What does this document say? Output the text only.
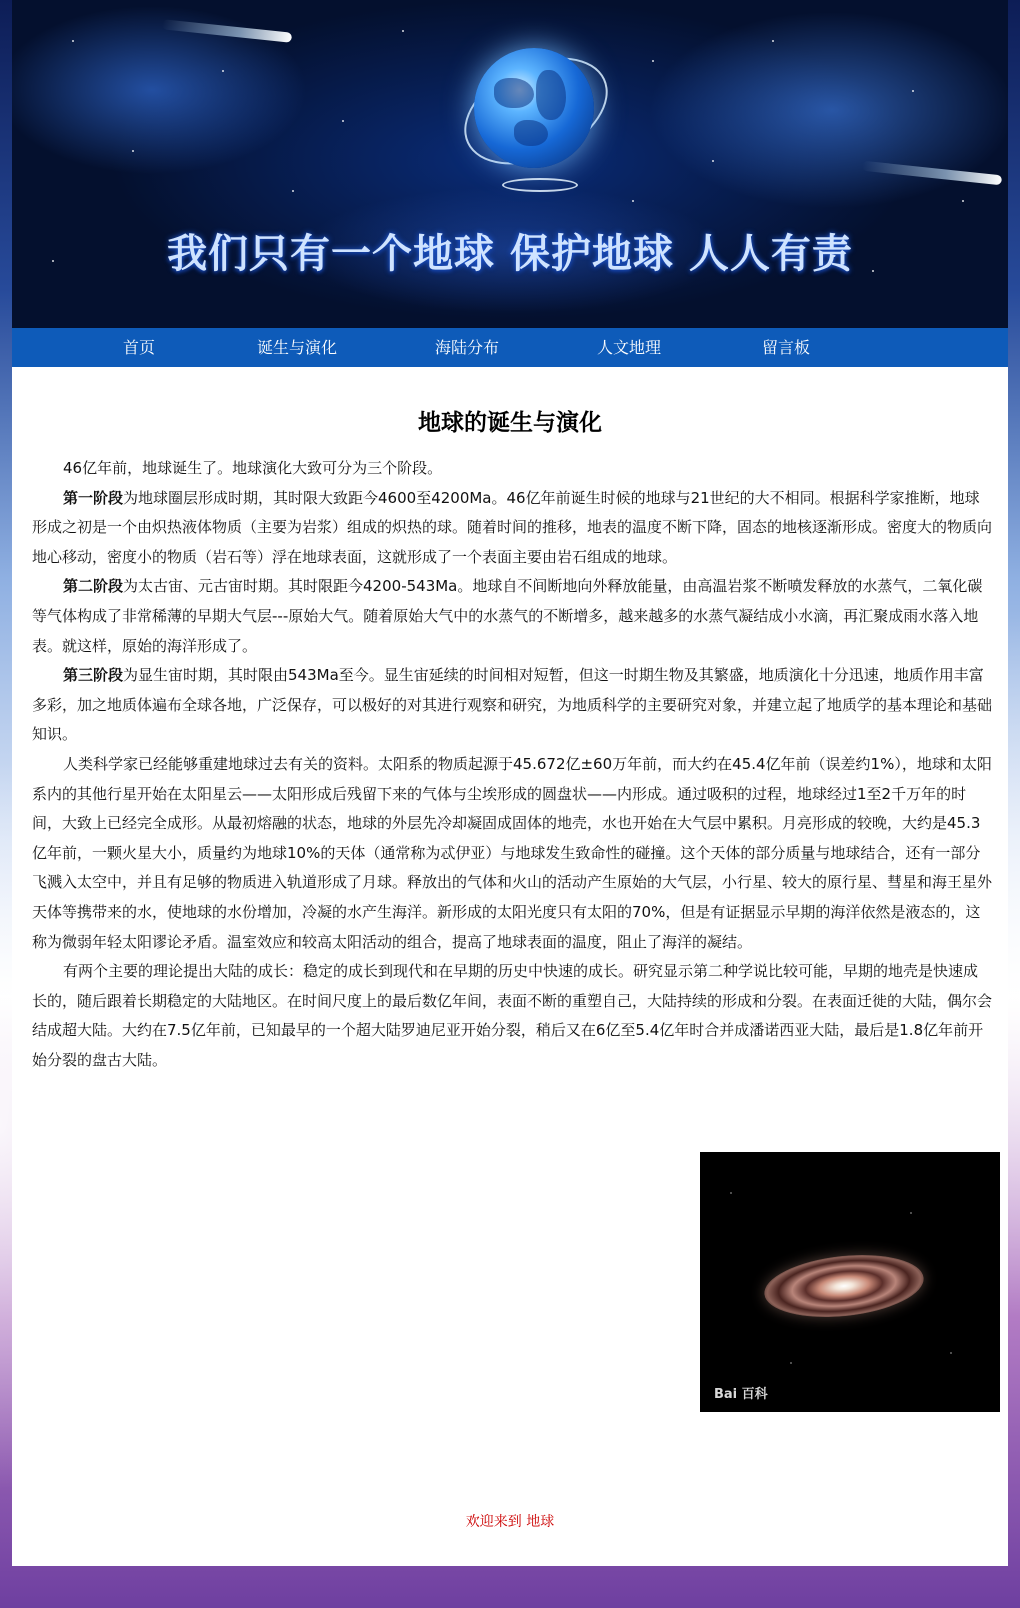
我们只有一个地球 保护地球 人人有责
首页	诞生与演化	海陆分布	人文地理	留言板
地球的诞生与演化

46亿年前，地球诞生了。地球演化大致可分为三个阶段。

第一阶段为地球圈层形成时期，其时限大致距今4600至4200Ma。46亿年前诞生时候的地球与21世纪的大不相同。根据科学家推断，地球形成之初是一个由炽热液体物质（主要为岩浆）组成的炽热的球。随着时间的推移，地表的温度不断下降，固态的地核逐渐形成。密度大的物质向地心移动，密度小的物质（岩石等）浮在地球表面，这就形成了一个表面主要由岩石组成的地球。

第二阶段为太古宙、元古宙时期。其时限距今4200-543Ma。地球自不间断地向外释放能量，由高温岩浆不断喷发释放的水蒸气，二氧化碳等气体构成了非常稀薄的早期大气层---原始大气。随着原始大气中的水蒸气的不断增多，越来越多的水蒸气凝结成小水滴，再汇聚成雨水落入地表。就这样，原始的海洋形成了。

第三阶段为显生宙时期，其时限由543Ma至今。显生宙延续的时间相对短暂，但这一时期生物及其繁盛，地质演化十分迅速，地质作用丰富多彩，加之地质体遍布全球各地，广泛保存，可以极好的对其进行观察和研究，为地质科学的主要研究对象，并建立起了地质学的基本理论和基础知识。

人类科学家已经能够重建地球过去有关的资料。太阳系的物质起源于45.672亿±60万年前，而大约在45.4亿年前（误差约1%），地球和太阳系内的其他行星开始在太阳星云——太阳形成后残留下来的气体与尘埃形成的圆盘状——内形成。通过吸积的过程，地球经过1至2千万年的时间，大致上已经完全成形。从最初熔融的状态，地球的外层先冷却凝固成固体的地壳，水也开始在大气层中累积。月亮形成的较晚，大约是45.3亿年前，一颗火星大小，质量约为地球10%的天体（通常称为忒伊亚）与地球发生致命性的碰撞。这个天体的部分质量与地球结合，还有一部分飞溅入太空中，并且有足够的物质进入轨道形成了月球。释放出的气体和火山的活动产生原始的大气层，小行星、较大的原行星、彗星和海王星外天体等携带来的水，使地球的水份增加，冷凝的水产生海洋。新形成的太阳光度只有太阳的70%，但是有证据显示早期的海洋依然是液态的，这称为微弱年轻太阳谬论矛盾。温室效应和较高太阳活动的组合，提高了地球表面的温度，阻止了海洋的凝结。

有两个主要的理论提出大陆的成长：稳定的成长到现代和在早期的历史中快速的成长。研究显示第二种学说比较可能，早期的地壳是快速成长的，随后跟着长期稳定的大陆地区。在时间尺度上的最后数亿年间，表面不断的重塑自己，大陆持续的形成和分裂。在表面迁徙的大陆，偶尔会结成超大陆。大约在7.5亿年前，已知最早的一个超大陆罗迪尼亚开始分裂，稍后又在6亿至5.4亿年时合并成潘诺西亚大陆，最后是1.8亿年前开始分裂的盘古大陆。

Bai 百科
欢迎来到 地球
